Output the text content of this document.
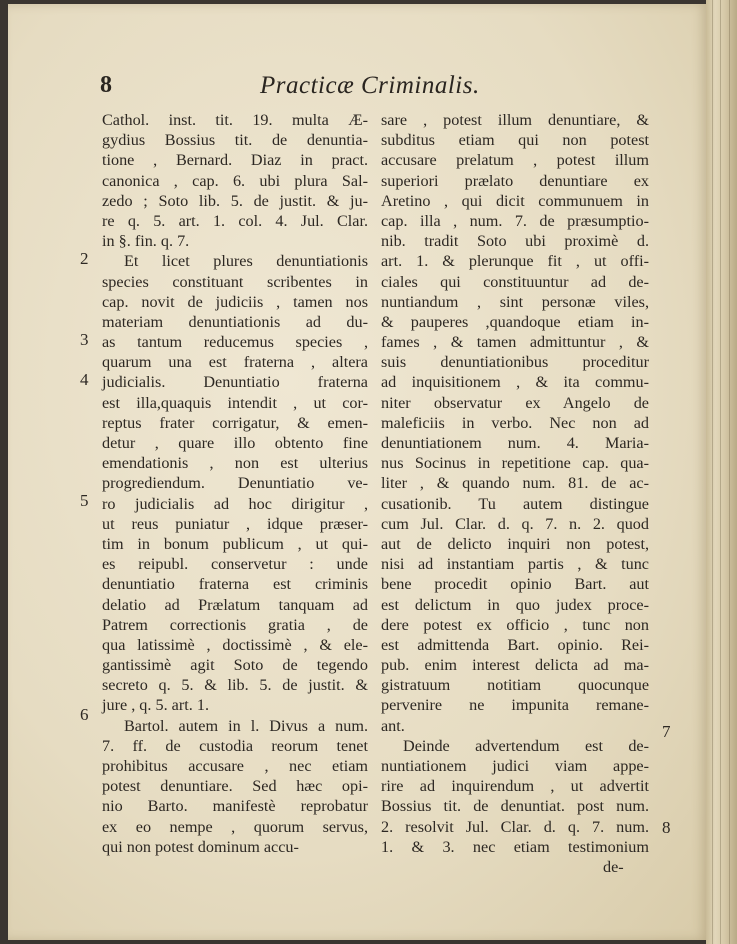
8	Practicæ Criminalis.
Cathol. inst. tit. 19. multa Æ-
gydius Bossius tit. de denuntia-
tione , Bernard. Diaz in pract.
canonica , cap. 6. ubi plura Sal-
zedo ; Soto lib. 5. de justit. & ju-
re q. 5. art. 1. col. 4. Jul. Clar.
in §. fin. q. 7.
Et licet plures denuntiationis
species constituant scribentes in
cap. novit de judiciis , tamen nos
materiam denuntiationis ad du-
as tantum reducemus species ,
quarum una est fraterna , altera
judicialis. Denuntiatio fraterna
est illa,quaquis intendit , ut cor-
reptus frater corrigatur, & emen-
detur , quare illo obtento fine
emendationis , non est ulterius
progrediendum. Denuntiatio ve-
ro judicialis ad hoc dirigitur ,
ut reus puniatur , idque præser-
tim in bonum publicum , ut qui-
es reipubl. conservetur : unde
denuntiatio fraterna est criminis
delatio ad Prælatum tanquam ad
Patrem correctionis gratia , de
qua latissimè , doctissimè , & ele-
gantissimè agit Soto de tegendo
secreto q. 5. & lib. 5. de justit. &
jure , q. 5. art. 1.
Bartol. autem in l. Divus a num.
7. ff. de custodia reorum tenet
prohibitus accusare , nec etiam
potest denuntiare. Sed hæc opi-
nio Barto. manifestè reprobatur
ex eo nempe , quorum servus,
qui non potest dominum accu-
sare , potest illum denuntiare, &
subditus etiam qui non potest
accusare prelatum , potest illum
superiori prælato denuntiare ex
Aretino , qui dicit communuem in
cap. illa , num. 7. de præsumptio-
nib. tradit Soto ubi proximè d.
art. 1. & plerunque fit , ut offi-
ciales qui constituuntur ad de-
nuntiandum , sint personæ viles,
& pauperes ,quandoque etiam in-
fames , & tamen admittuntur , &
suis denuntiationibus proceditur
ad inquisitionem , & ita commu-
niter observatur ex Angelo de
maleficiis in verbo. Nec non ad
denuntiationem num. 4. Maria-
nus Socinus in repetitione cap. qua-
liter , & quando num. 81. de ac-
cusationib. Tu autem distingue
cum Jul. Clar. d. q. 7. n. 2. quod
aut de delicto inquiri non potest,
nisi ad instantiam partis , & tunc
bene procedit opinio Bart. aut
est delictum in quo judex proce-
dere potest ex officio , tunc non
est admittenda Bart. opinio. Rei-
pub. enim interest delicta ad ma-
gistratuum notitiam quocunque
pervenire ne impunita remane-
ant.
Deinde advertendum est de-
nuntiationem judici viam appe-
rire ad inquirendum , ut advertit
Bossius tit. de denuntiat. post num.
2. resolvit Jul. Clar. d. q. 7. num.
1. & 3. nec etiam testimonium
de-
2
3
4
5
6
7
8
